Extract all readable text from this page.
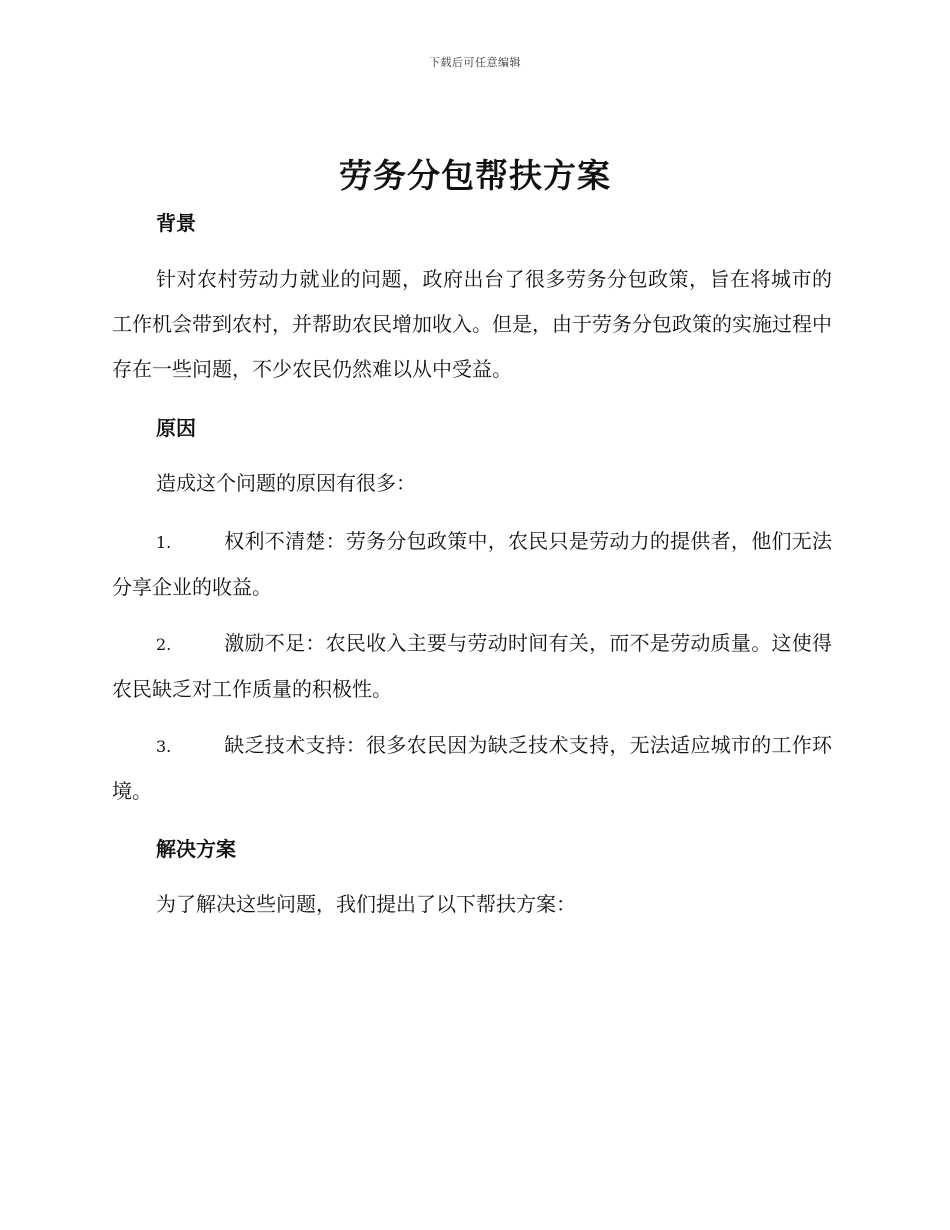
下载后可任意编辑
劳务分包帮扶方案
背景

针对农村劳动力就业的问题，政府出台了很多劳务分包政策，旨在将城市的工作机会带到农村，并帮助农民增加收入。但是，由于劳务分包政策的实施过程中存在一些问题，不少农民仍然难以从中受益。

原因

造成这个问题的原因有很多：

1.	权利不清楚：劳务分包政策中，农民只是劳动力的提供者，他们无法分享企业的收益。

2.	激励不足：农民收入主要与劳动时间有关，而不是劳动质量。这使得农民缺乏对工作质量的积极性。

3.	缺乏技术支持：很多农民因为缺乏技术支持，无法适应城市的工作环境。

解决方案

为了解决这些问题，我们提出了以下帮扶方案：
